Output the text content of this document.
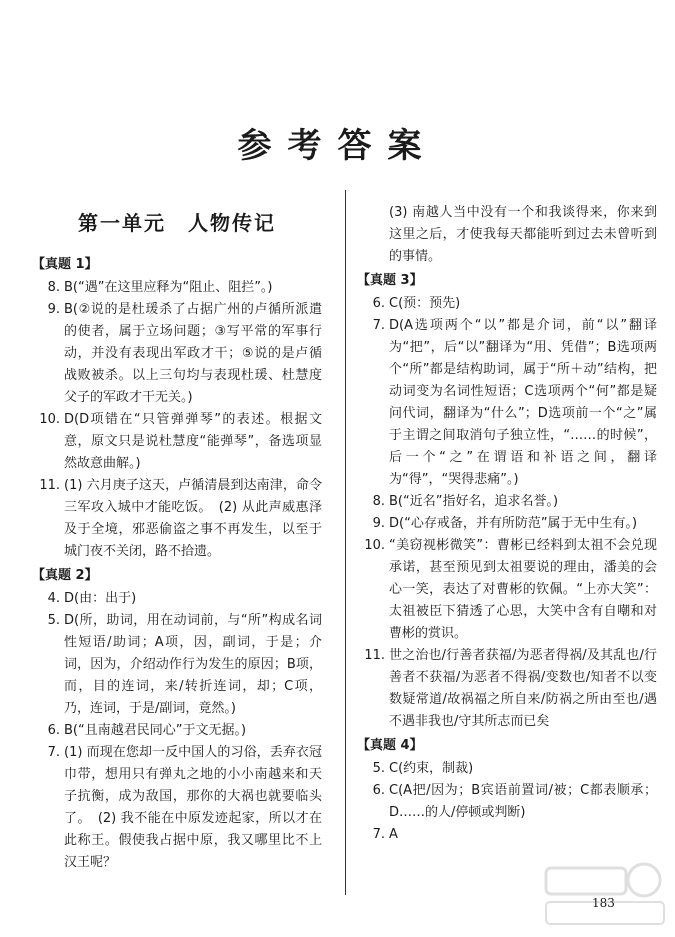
参考答案
第一单元　人物传记
【真题 1】
8. B(“遇”在这里应释为“阻止、阻拦”。)
9. B(②说的是杜瑗杀了占据广州的卢循所派遣的使者，属于立场问题；③写平常的军事行动，并没有表现出军政才干；⑤说的是卢循战败被杀。以上三句均与表现杜瑗、杜慧度父子的军政才干无关。)
10. D(D项错在“只管弹弹琴”的表述。根据文意，原文只是说杜慧度“能弹琴”，备选项显然故意曲解。)
11. (1) 六月庚子这天，卢循清晨到达南津，命令三军攻入城中才能吃饭。　(2) 从此声威惠泽及于全境，邪恶偷盗之事不再发生，以至于城门夜不关闭，路不拾遗。
【真题 2】
4. D(由：出于)
5. D(所，助词，用在动词前，与“所”构成名词性短语/助词；A项，因，副词，于是；介词，因为，介绍动作行为发生的原因；B项，而，目的连词，来/转折连词，却；C项，乃，连词，于是/副词，竟然。)
6. B(“且南越君民同心”于文无据。)
7. (1) 而现在您却一反中国人的习俗，丢弃衣冠巾带，想用只有弹丸之地的小小南越来和天子抗衡，成为敌国，那你的大祸也就要临头了。　(2) 我不能在中原发迹起家，所以才在此称王。假使我占据中原，我又哪里比不上汉王呢？
(3) 南越人当中没有一个和我谈得来，你来到这里之后，才使我每天都能听到过去未曾听到的事情。
【真题 3】
6. C(预：预先)
7. D(A选项两个“以”都是介词，前“以”翻译为“把”，后“以”翻译为“用、凭借”；B选项两个“所”都是结构助词，属于“所＋动”结构，把动词变为名词性短语；C选项两个“何”都是疑问代词，翻译为“什么”；D选项前一个“之”属于主谓之间取消句子独立性，“……的时候”，后一个“之”在谓语和补语之间，翻译为“得”，“哭得悲痛”。)
8. B(“近名”指好名，追求名誉。)
9. D(“心存戒备，并有所防范”属于无中生有。)
10. “美窃视彬微笑”：曹彬已经料到太祖不会兑现承诺，甚至预见到太祖要说的理由，潘美的会心一笑，表达了对曹彬的钦佩。“上亦大笑”：太祖被臣下猜透了心思，大笑中含有自嘲和对曹彬的赏识。
11. 世之治也/行善者获福/为恶者得祸/及其乱也/行善者不获福/为恶者不得祸/变数也/知者不以变数疑常道/故祸福之所自来/防祸之所由至也/遇不遇非我也/守其所志而已矣
【真题 4】
5. C(约束，制裁)
6. C(A把/因为；B宾语前置词/被；C都表顺承；D……的人/停顿或判断)
7. A
183
